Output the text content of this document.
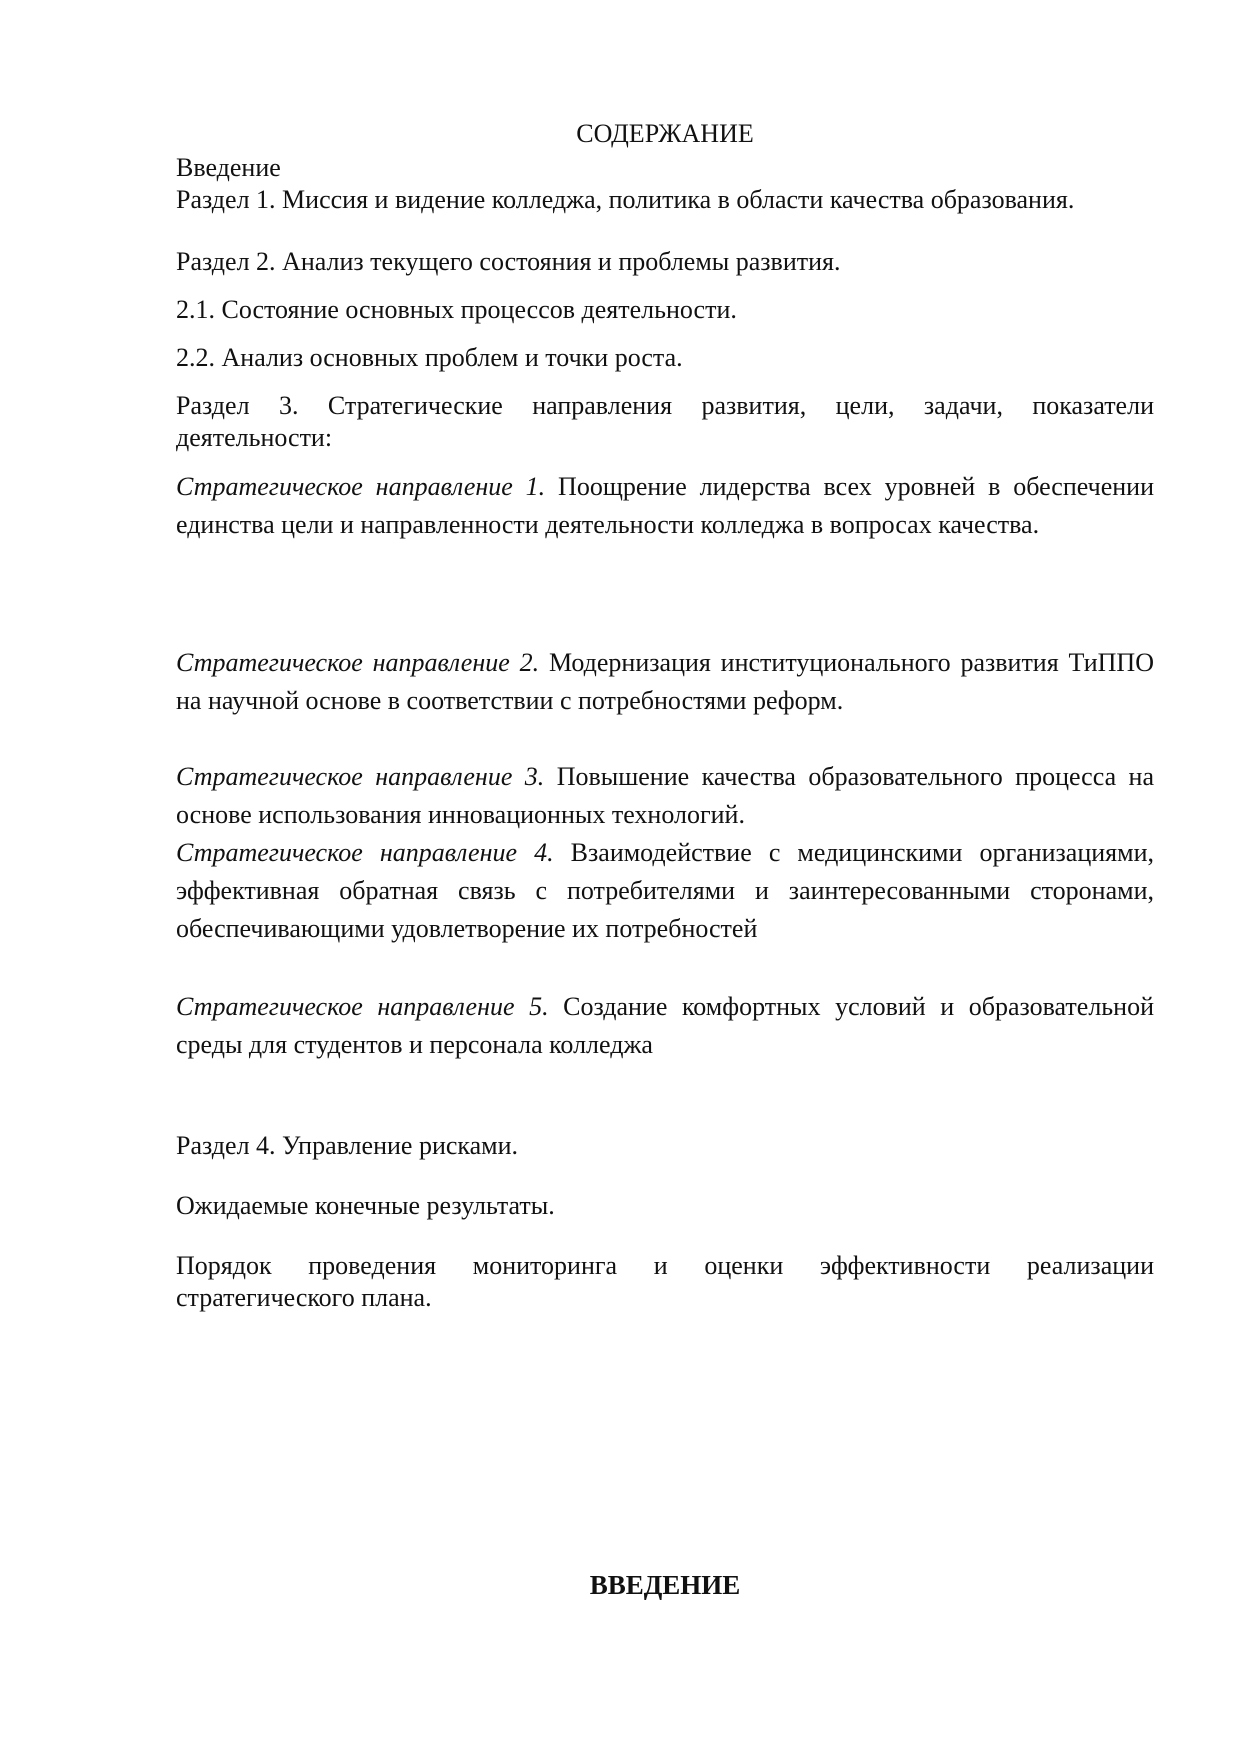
СОДЕРЖАНИЕ

Введение

Раздел 1. Миссия и видение колледжа, политика в области качества образования.

Раздел 2. Анализ текущего состояния и проблемы развития.

2.1. Состояние основных процессов деятельности.

2.2. Анализ основных проблем и точки роста.

Раздел 3. Стратегические направления развития, цели, задачи, показатели деятельности:

Стратегическое направление 1. Поощрение лидерства всех уровней в обеспечении единства цели и направленности деятельности колледжа в вопросах качества.

Стратегическое направление 2. Модернизация институционального развития ТиППО на научной основе в соответствии с потребностями реформ.

Стратегическое направление 3. Повышение качества образовательного процесса на основе использования инновационных технологий.

Стратегическое направление 4. Взаимодействие с медицинскими организациями, эффективная обратная связь с потребителями и заинтересованными сторонами, обеспечивающими удовлетворение их потребностей

Стратегическое направление 5. Создание комфортных условий и образовательной среды для студентов и персонала колледжа

Раздел 4. Управление рисками.

Ожидаемые конечные результаты.

Порядок проведения мониторинга и оценки эффективности реализации стратегического плана.

ВВЕДЕНИЕ
